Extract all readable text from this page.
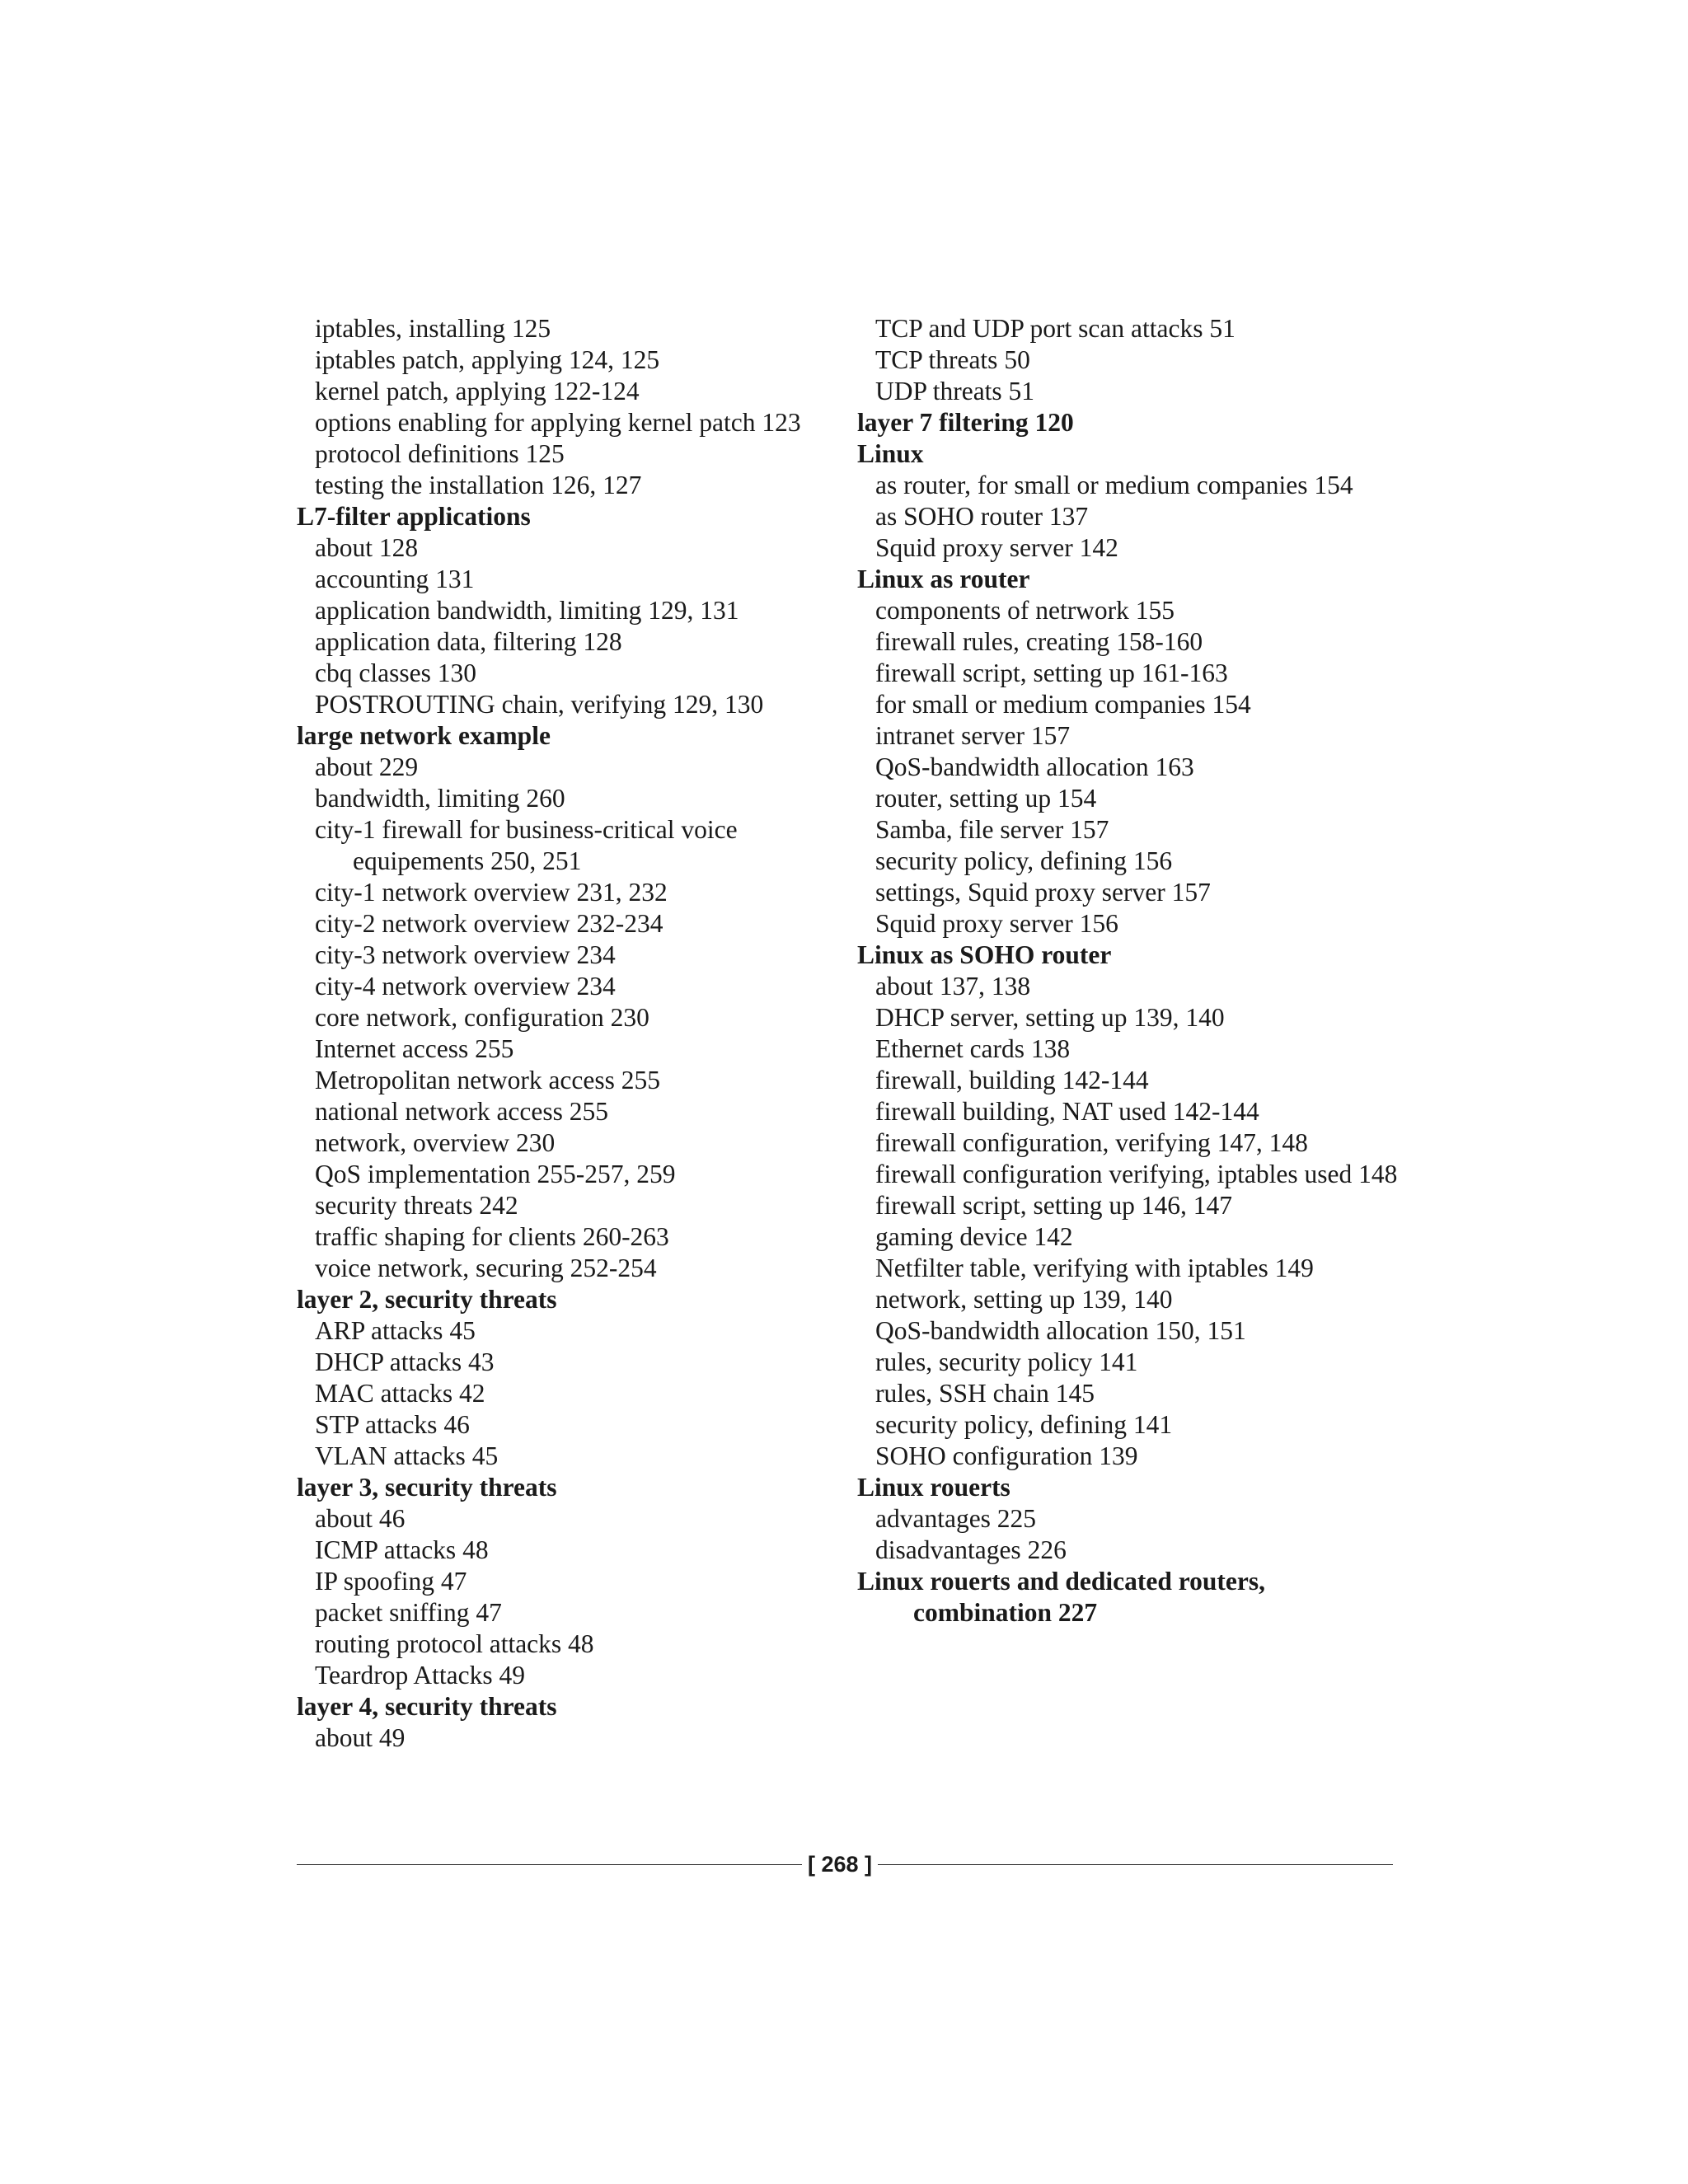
iptables, installing 125
iptables patch, applying 124, 125
kernel patch, applying 122-124
options enabling for applying kernel patch 123
protocol definitions 125
testing the installation 126, 127
L7-filter applications
about 128
accounting 131
application bandwidth, limiting 129, 131
application data, filtering 128
cbq classes 130
POSTROUTING chain, verifying 129, 130
large network example
about 229
bandwidth, limiting 260
city-1 firewall for business-critical voice equipements 250, 251
city-1 network overview 231, 232
city-2 network overview 232-234
city-3 network overview 234
city-4 network overview 234
core network, configuration 230
Internet access 255
Metropolitan network access 255
national network access 255
network, overview 230
QoS implementation 255-257, 259
security threats 242
traffic shaping for clients 260-263
voice network, securing 252-254
layer 2, security threats
ARP attacks 45
DHCP attacks 43
MAC attacks 42
STP attacks 46
VLAN attacks 45
layer 3, security threats
about 46
ICMP attacks 48
IP spoofing 47
packet sniffing 47
routing protocol attacks 48
Teardrop Attacks 49
layer 4, security threats
about 49
TCP and UDP port scan attacks 51
TCP threats 50
UDP threats 51
layer 7 filtering 120
Linux
as router, for small or medium companies 154
as SOHO router 137
Squid proxy server 142
Linux as router
components of netrwork 155
firewall rules, creating 158-160
firewall script, setting up 161-163
for small or medium companies 154
intranet server 157
QoS-bandwidth allocation 163
router, setting up 154
Samba, file server 157
security policy, defining 156
settings, Squid proxy server 157
Squid proxy server 156
Linux as SOHO router
about 137, 138
DHCP server, setting up 139, 140
Ethernet cards 138
firewall, building 142-144
firewall building, NAT used 142-144
firewall configuration, verifying 147, 148
firewall configuration verifying, iptables used 148
firewall script, setting up 146, 147
gaming device 142
Netfilter table, verifying with iptables 149
network, setting up 139, 140
QoS-bandwidth allocation 150, 151
rules, security policy 141
rules, SSH chain 145
security policy, defining 141
SOHO configuration 139
Linux rouerts
advantages 225
disadvantages 226
Linux rouerts and dedicated routers, combination 227
[ 268 ]
